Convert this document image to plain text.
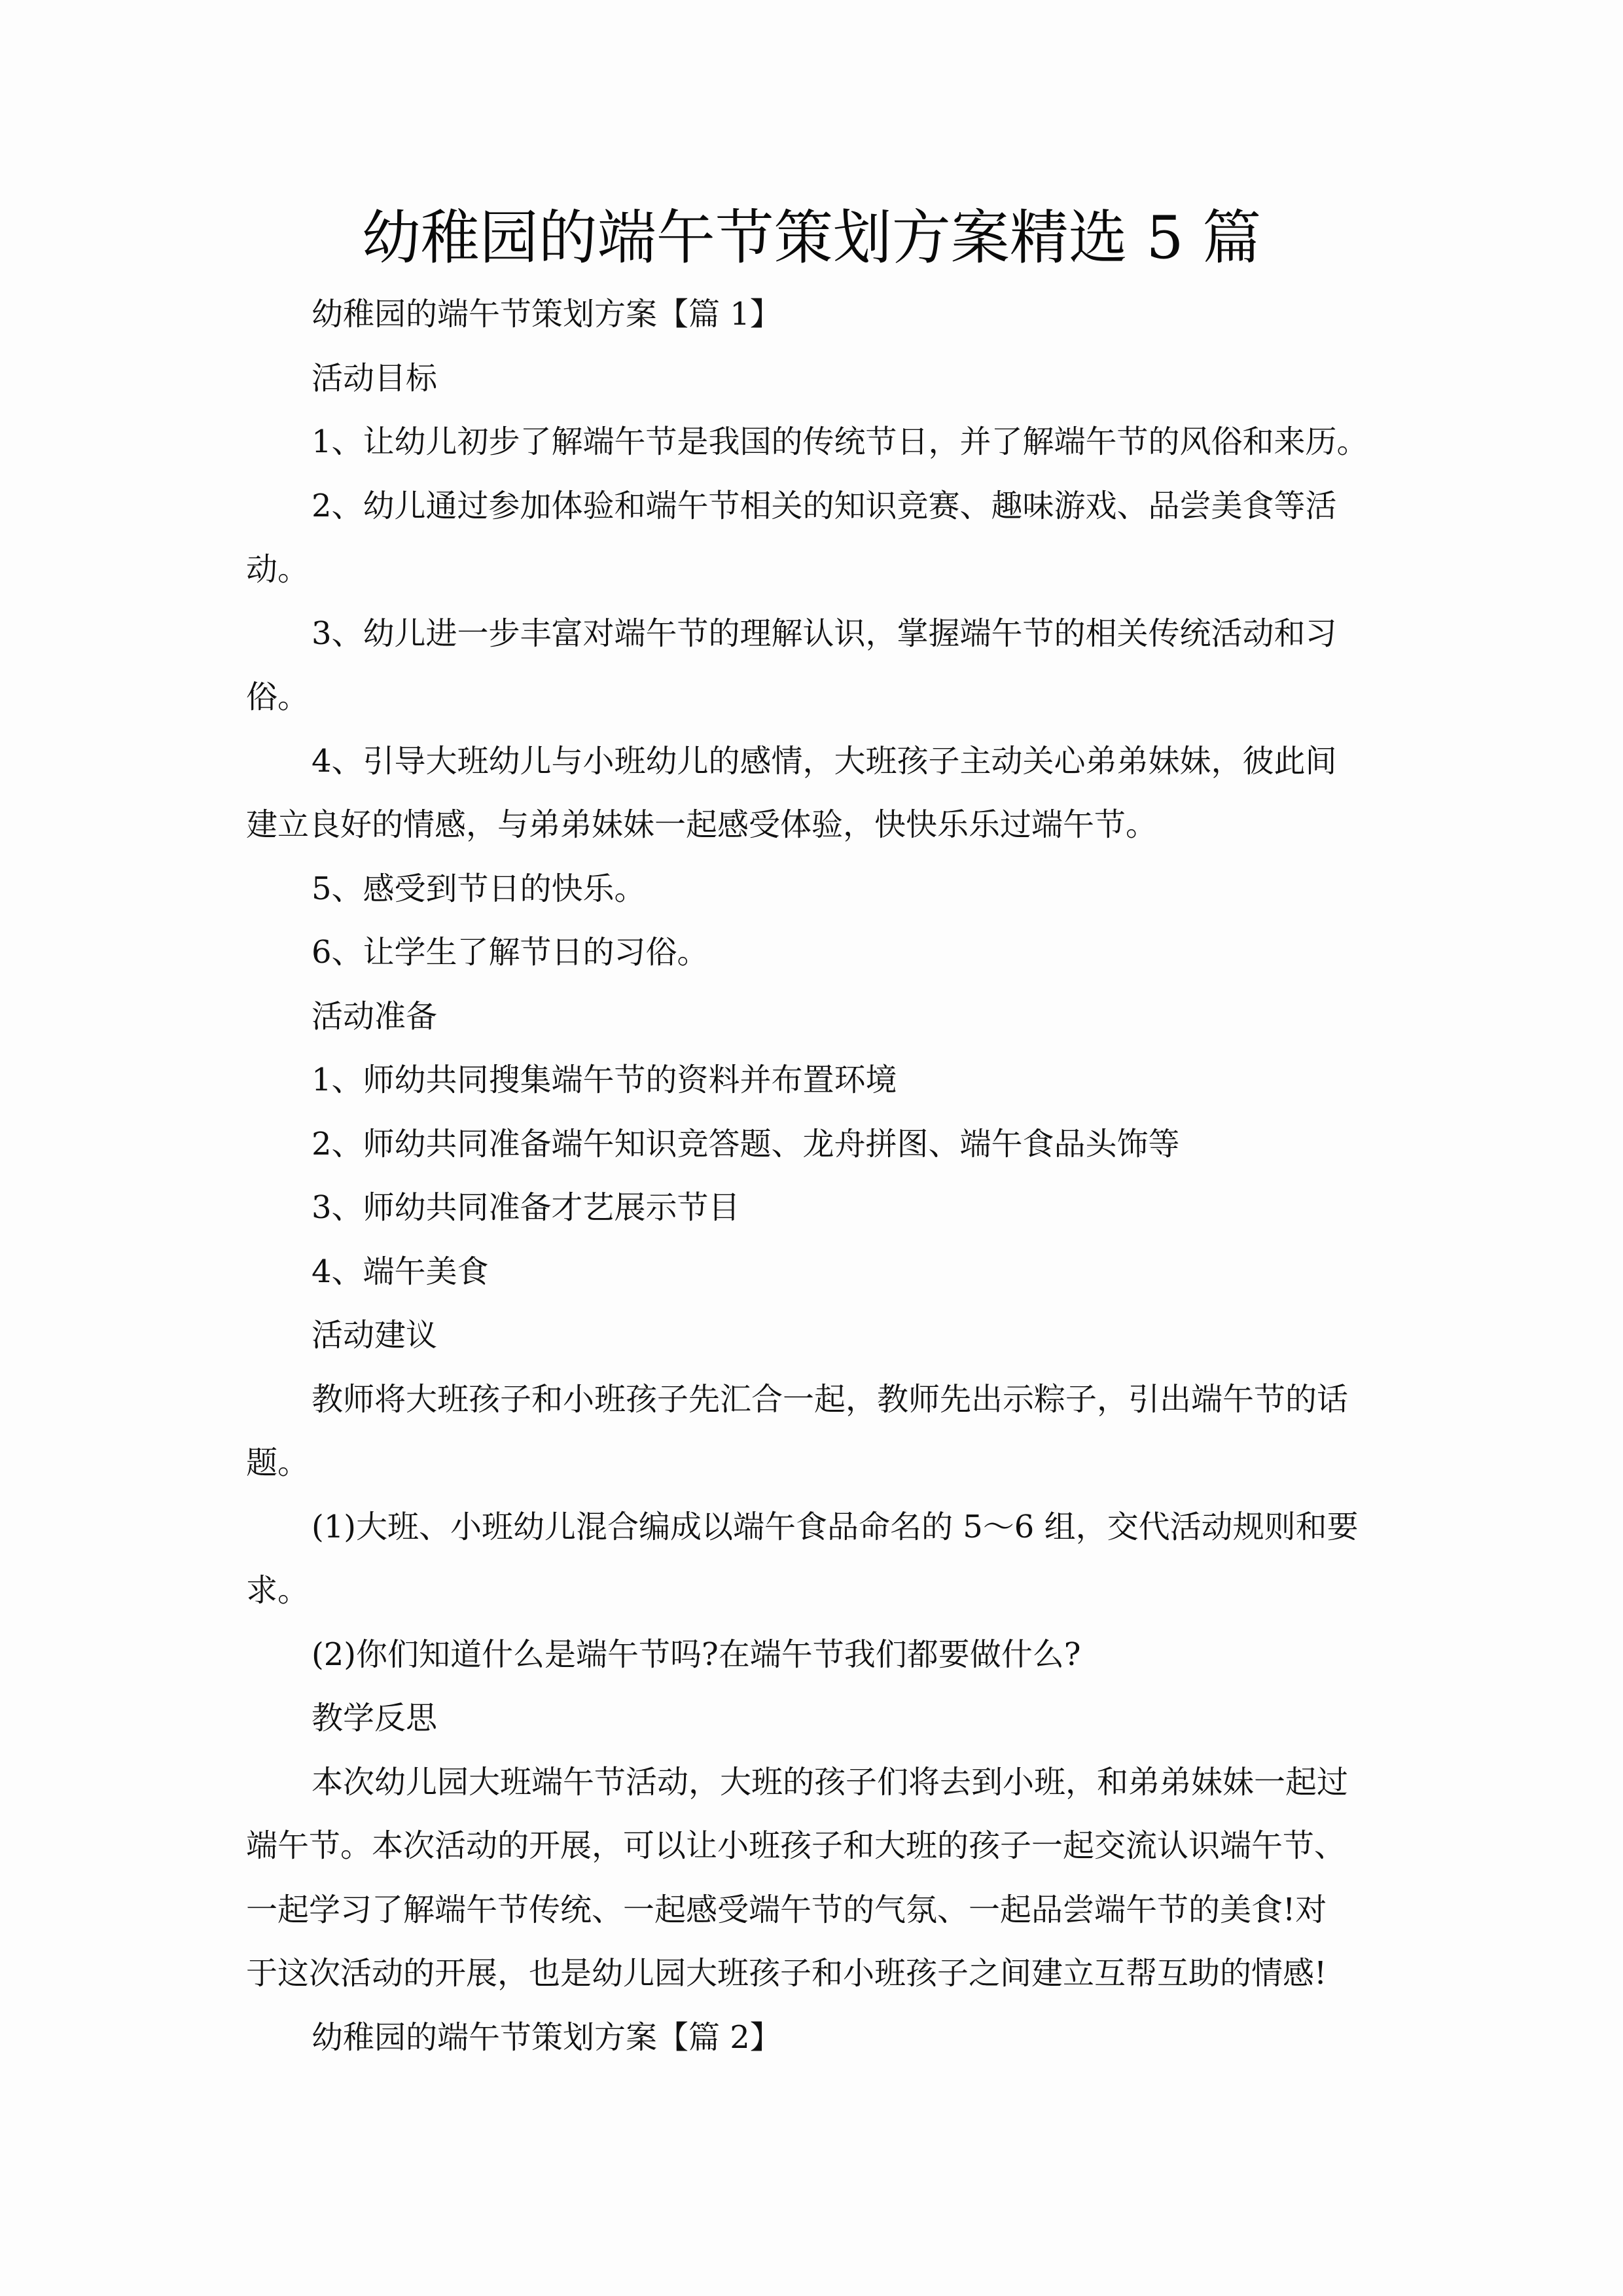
幼稚园的端午节策划方案精选 5 篇
幼稚园的端午节策划方案【篇 1】
活动目标
1、让幼儿初步了解端午节是我国的传统节日，并了解端午节的风俗和来历。
2、幼儿通过参加体验和端午节相关的知识竞赛、趣味游戏、品尝美食等活
动。
3、幼儿进一步丰富对端午节的理解认识，掌握端午节的相关传统活动和习
俗。
4、引导大班幼儿与小班幼儿的感情，大班孩子主动关心弟弟妹妹，彼此间
建立良好的情感，与弟弟妹妹一起感受体验，快快乐乐过端午节。
5、感受到节日的快乐。
6、让学生了解节日的习俗。
活动准备
1、师幼共同搜集端午节的资料并布置环境
2、师幼共同准备端午知识竞答题、龙舟拼图、端午食品头饰等
3、师幼共同准备才艺展示节目
4、端午美食
活动建议
教师将大班孩子和小班孩子先汇合一起，教师先出示粽子，引出端午节的话
题。
(1)大班、小班幼儿混合编成以端午食品命名的 5～6 组，交代活动规则和要
求。
(2)你们知道什么是端午节吗?在端午节我们都要做什么?
教学反思
本次幼儿园大班端午节活动，大班的孩子们将去到小班，和弟弟妹妹一起过
端午节。本次活动的开展，可以让小班孩子和大班的孩子一起交流认识端午节、
一起学习了解端午节传统、一起感受端午节的气氛、一起品尝端午节的美食!对
于这次活动的开展，也是幼儿园大班孩子和小班孩子之间建立互帮互助的情感!
幼稚园的端午节策划方案【篇 2】
